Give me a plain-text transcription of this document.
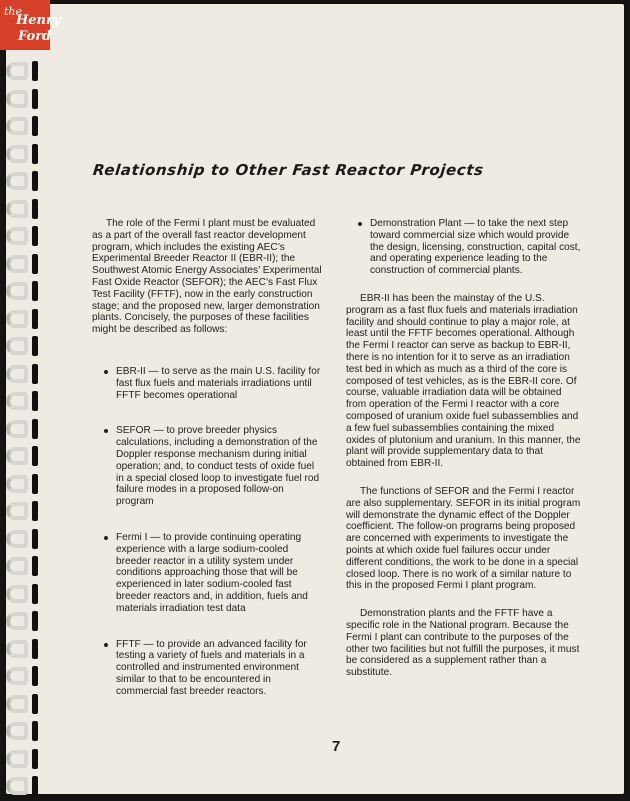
the
Henry
Ford
Relationship to Other Fast Reactor Projects

The role of the Fermi I plant must be evaluated as a part of the overall fast reactor development program, which includes the existing AEC’s Experimental Breeder Reactor II (EBR-II); the Southwest Atomic Energy Associates’ Experimental Fast Oxide Reactor (SEFOR); the AEC’s Fast Flux Test Facility (FFTF), now in the early construction stage; and the proposed new, larger demonstration plants. Concisely, the purposes of these facilities might be described as follows:

EBR-II — to serve as the main U.S. facility for fast flux fuels and materials irradiations until FFTF becomes operational

SEFOR — to prove breeder physics calculations, including a demonstration of the Doppler response mechanism during initial operation; and, to conduct tests of oxide fuel in a special closed loop to investigate fuel rod failure modes in a proposed follow-on program

Fermi I — to provide continuing operating experience with a large sodium-cooled breeder reactor in a utility system under conditions approaching those that will be experienced in later sodium-cooled fast breeder reactors and, in addition, fuels and materials irradiation test data

FFTF — to provide an advanced facility for testing a variety of fuels and materials in a controlled and instrumented environment similar to that to be encountered in commercial fast breeder reactors.

Demonstration Plant — to take the next step toward commercial size which would provide the design, licensing, construction, capital cost, and operating experience leading to the construction of commercial plants.

EBR-II has been the mainstay of the U.S. program as a fast flux fuels and materials irradiation facility and should continue to play a major role, at least until the FFTF becomes operational. Although the Fermi I reactor can serve as backup to EBR-II, there is no intention for it to serve as an irradiation test bed in which as much as a third of the core is composed of test vehicles, as is the EBR-II core. Of course, valuable irradiation data will be obtained from operation of the Fermi I reactor with a core composed of uranium oxide fuel subassemblies and a few fuel subassemblies containing the mixed oxides of plutonium and uranium. In this manner, the plant will provide supplementary data to that obtained from EBR-II.

The functions of SEFOR and the Fermi I reactor are also supplementary. SEFOR in its initial program will demonstrate the dynamic effect of the Doppler coefficient. The follow-on programs being proposed are concerned with experiments to investigate the points at which oxide fuel failures occur under different conditions, the work to be done in a special closed loop. There is no work of a similar nature to this in the proposed Fermi I plant program.

Demonstration plants and the FFTF have a specific role in the National program. Because the Fermi I plant can contribute to the purposes of the other two facilities but not fulfill the purposes, it must be considered as a supplement rather than a substitute.

7
